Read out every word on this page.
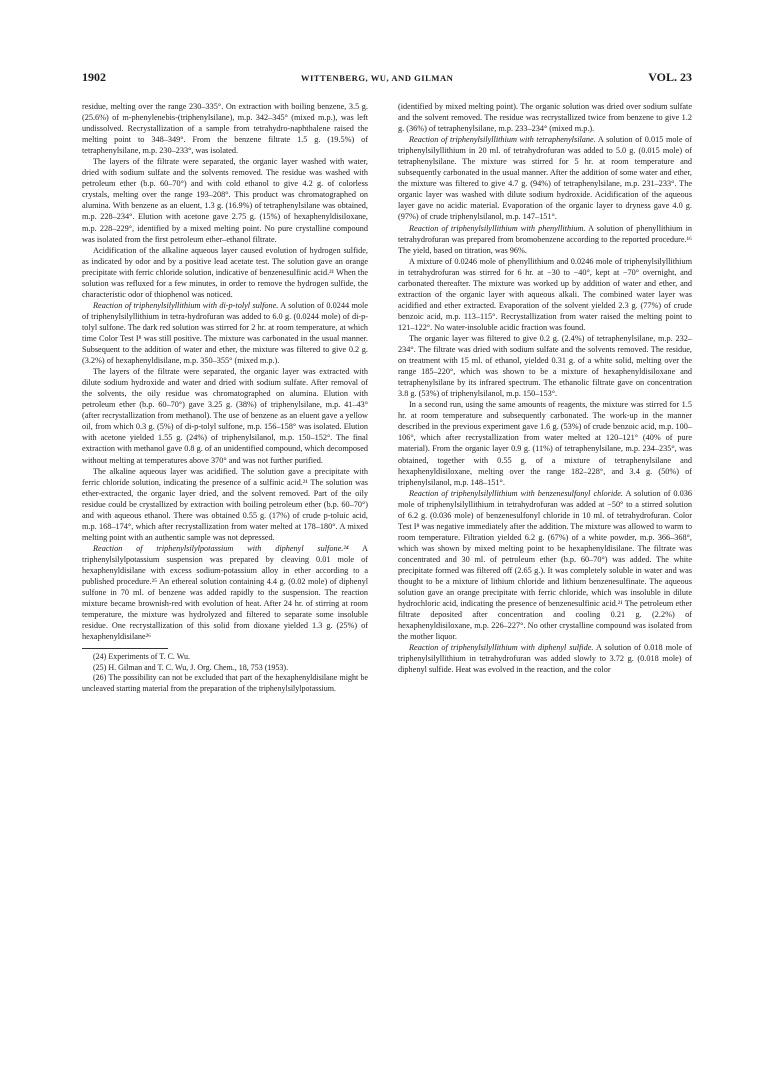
1902	WITTENBERG, WU, AND GILMAN	VOL. 23

residue, melting over the range 230–335°. On extraction with boiling benzene, 3.5 g. (25.6%) of m-phenylenebis-(triphenylsilane), m.p. 342–345° (mixed m.p.), was left undissolved. Recrystallization of a sample from tetrahydro-naphthalene raised the melting point to 348–349°. From the benzene filtrate 1.5 g. (19.5%) of tetraphenylsilane, m.p. 230–233°, was isolated.

The layers of the filtrate were separated, the organic layer washed with water, dried with sodium sulfate and the solvents removed. The residue was washed with petroleum ether (b.p. 60–70°) and with cold ethanol to give 4.2 g. of colorless crystals, melting over the range 193–208°. This product was chromatographed on alumina. With benzene as an eluent, 1.3 g. (16.9%) of tetraphenylsilane was obtained, m.p. 228–234°. Elution with acetone gave 2.75 g. (15%) of hexaphenyldisiloxane, m.p. 228–229°, identified by a mixed melting point. No pure crystalline compound was isolated from the first petroleum ether–ethanol filtrate.

Acidification of the alkaline aqueous layer caused evolution of hydrogen sulfide, as indicated by odor and by a positive lead acetate test. The solution gave an orange precipitate with ferric chloride solution, indicative of benzenesulfinic acid.²¹ When the solution was refluxed for a few minutes, in order to remove the hydrogen sulfide, the characteristic odor of thiophenol was noticed.

Reaction of triphenylsilyllithium with di-p-tolyl sulfone. A solution of 0.0244 mole of triphenylsilyllithium in tetra-hydrofuran was added to 6.0 g. (0.0244 mole) of di-p-tolyl sulfone. The dark red solution was stirred for 2 hr. at room temperature, at which time Color Test I⁸ was still positive. The mixture was carbonated in the usual manner. Subsequent to the addition of water and ether, the mixture was filtered to give 0.2 g. (3.2%) of hexaphenyldisilane, m.p. 350–355° (mixed m.p.).

The layers of the filtrate were separated, the organic layer was extracted with dilute sodium hydroxide and water and dried with sodium sulfate. After removal of the solvents, the oily residue was chromatographed on alumina. Elution with petroleum ether (b.p. 60–70°) gave 3.25 g. (38%) of triphenylsilane, m.p. 41–43° (after recrystallization from methanol). The use of benzene as an eluent gave a yellow oil, from which 0.3 g. (5%) of di-p-tolyl sulfone, m.p. 156–158° was isolated. Elution with acetone yielded 1.55 g. (24%) of triphenylsilanol, m.p. 150–152°. The final extraction with methanol gave 0.8 g. of an unidentified compound, which decomposed without melting at temperatures above 370° and was not further purified.

The alkaline aqueous layer was acidified. The solution gave a precipitate with ferric chloride solution, indicating the presence of a sulfinic acid.²¹ The solution was ether-extracted, the organic layer dried, and the solvent removed. Part of the oily residue could be crystallized by extraction with boiling petroleum ether (b.p. 60–70°) and with aqueous ethanol. There was obtained 0.55 g. (17%) of crude p-toluic acid, m.p. 168–174°, which after recrystallization from water melted at 178–180°. A mixed melting point with an authentic sample was not depressed.

Reaction of triphenylsilylpotassium with diphenyl sulfone.²⁴ A triphenylsilylpotassium suspension was prepared by cleaving 0.01 mole of hexaphenyldisilane with excess sodium-potassium alloy in ether according to a published procedure.²⁵ An ethereal solution containing 4.4 g. (0.02 mole) of diphenyl sulfone in 70 ml. of benzene was added rapidly to the suspension. The reaction mixture became brownish-red with evolution of heat. After 24 hr. of stirring at room temperature, the mixture was hydrolyzed and filtered to separate some insoluble residue. One recrystallization of this solid from dioxane yielded 1.3 g. (25%) of hexaphenyldisilane²⁶

(24) Experiments of T. C. Wu.

(25) H. Gilman and T. C. Wu, J. Org. Chem., 18, 753 (1953).

(26) The possibility can not be excluded that part of the hexaphenyldisilane might be uncleaved starting material from the preparation of the triphenylsilylpotassium.

(identified by mixed melting point). The organic solution was dried over sodium sulfate and the solvent removed. The residue was recrystallized twice from benzene to give 1.2 g. (36%) of tetraphenylsilane, m.p. 233–234° (mixed m.p.).

Reaction of triphenylsilyllithium with tetraphenylsilane. A solution of 0.015 mole of triphenylsilyllithium in 20 ml. of tetrahydrofuran was added to 5.0 g. (0.015 mole) of tetraphenylsilane. The mixture was stirred for 5 hr. at room temperature and subsequently carbonated in the usual manner. After the addition of some water and ether, the mixture was filtered to give 4.7 g. (94%) of tetraphenylsilane, m.p. 231–233°. The organic layer was washed with dilute sodium hydroxide. Acidification of the aqueous layer gave no acidic material. Evaporation of the organic layer to dryness gave 4.0 g. (97%) of crude triphenylsilanol, m.p. 147–151°.

Reaction of triphenylsilyllithium with phenyllithium. A solution of phenyllithium in tetrahydrofuran was prepared from bromobenzene according to the reported procedure.¹⁶ The yield, based on titration, was 96%.

A mixture of 0.0246 mole of phenyllithium and 0.0246 mole of triphenylsilyllithium in tetrahydrofuran was stirred for 6 hr. at −30 to −40°, kept at −70° overnight, and carbonated thereafter. The mixture was worked up by addition of water and ether, and extraction of the organic layer with aqueous alkali. The combined water layer was acidified and ether extracted. Evaporation of the solvent yielded 2.3 g. (77%) of crude benzoic acid, m.p. 113–115°. Recrystallization from water raised the melting point to 121–122°. No water-insoluble acidic fraction was found.

The organic layer was filtered to give 0.2 g. (2.4%) of tetraphenylsilane, m.p. 232–234°. The filtrate was dried with sodium sulfate and the solvents removed. The residue, on treatment with 15 ml. of ethanol, yielded 0.31 g. of a white solid, melting over the range 185–220°, which was shown to be a mixture of hexaphenyldisiloxane and tetraphenylsilane by its infrared spectrum. The ethanolic filtrate gave on concentration 3.8 g. (53%) of triphenylsilanol, m.p. 150–153°.

In a second run, using the same amounts of reagents, the mixture was stirred for 1.5 hr. at room temperature and subsequently carbonated. The work-up in the manner described in the previous experiment gave 1.6 g. (53%) of crude benzoic acid, m.p. 100–106°, which after recrystallization from water melted at 120–121° (40% of pure material). From the organic layer 0.9 g. (11%) of tetraphenylsilane, m.p. 234–235°, was obtained, together with 0.55 g. of a mixture of tetraphenylsilane and hexaphenyldisiloxane, melting over the range 182–228°, and 3.4 g. (50%) of triphenylsilanol, m.p. 148–151°.

Reaction of triphenylsilyllithium with benzenesulfonyl chloride. A solution of 0.036 mole of triphenylsilyllithium in tetrahydrofuran was added at −50° to a stirred solution of 6.2 g. (0.036 mole) of benzenesulfonyl chloride in 10 ml. of tetrahydrofuran. Color Test I⁸ was negative immediately after the addition. The mixture was allowed to warm to room temperature. Filtration yielded 6.2 g. (67%) of a white powder, m.p. 366–368°, which was shown by mixed melting point to be hexaphenyldisilane. The filtrate was concentrated and 30 ml. of petroleum ether (b.p. 60–70°) was added. The white precipitate formed was filtered off (2.65 g.). It was completely soluble in water and was thought to be a mixture of lithium chloride and lithium benzenesulfinate. The aqueous solution gave an orange precipitate with ferric chloride, which was insoluble in dilute hydrochloric acid, indicating the presence of benzenesulfinic acid.²¹ The petroleum ether filtrate deposited after concentration and cooling 0.21 g. (2.2%) of hexaphenyldisiloxane, m.p. 226–227°. No other crystalline compound was isolated from the mother liquor.

Reaction of triphenylsilyllithium with diphenyl sulfide. A solution of 0.018 mole of triphenylsilyllithium in tetrahydrofuran was added slowly to 3.72 g. (0.018 mole) of diphenyl sulfide. Heat was evolved in the reaction, and the color
